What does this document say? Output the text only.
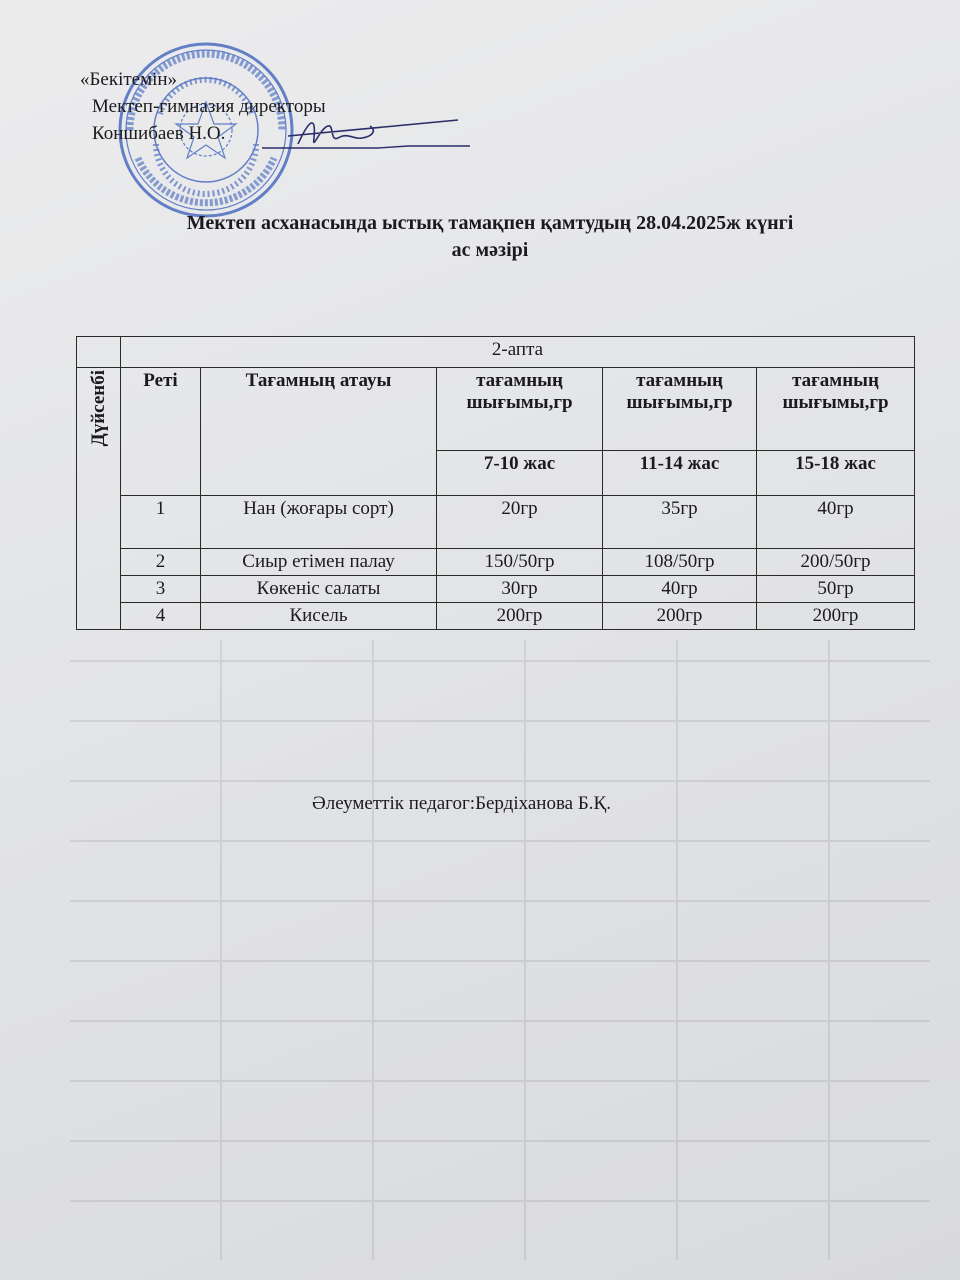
«Бекітемін»
Мектеп-гимназия директоры
Коншибаев Н.О.
Мектеп асханасында ыстық тамақпен қамтудың 28.04.2025ж күнгі
ас мәзірі
	2-апта				

Дүйсенбі	Реті	Тағамның атауы	тағамның шығымы,гр	тағамның шығымы,гр	тағамның шығымы,гр
			7-10 жас	11-14 жас	15-18 жас
	1	Нан (жоғары сорт)	20гр	35гр	40гр
	2	Сиыр етімен палау	150/50гр	108/50гр	200/50гр
	3	Көкеніс салаты	30гр	40гр	50гр
	4	Кисель	200гр	200гр	200гр
Әлеуметтік педагог:Бердіханова Б.Қ.
